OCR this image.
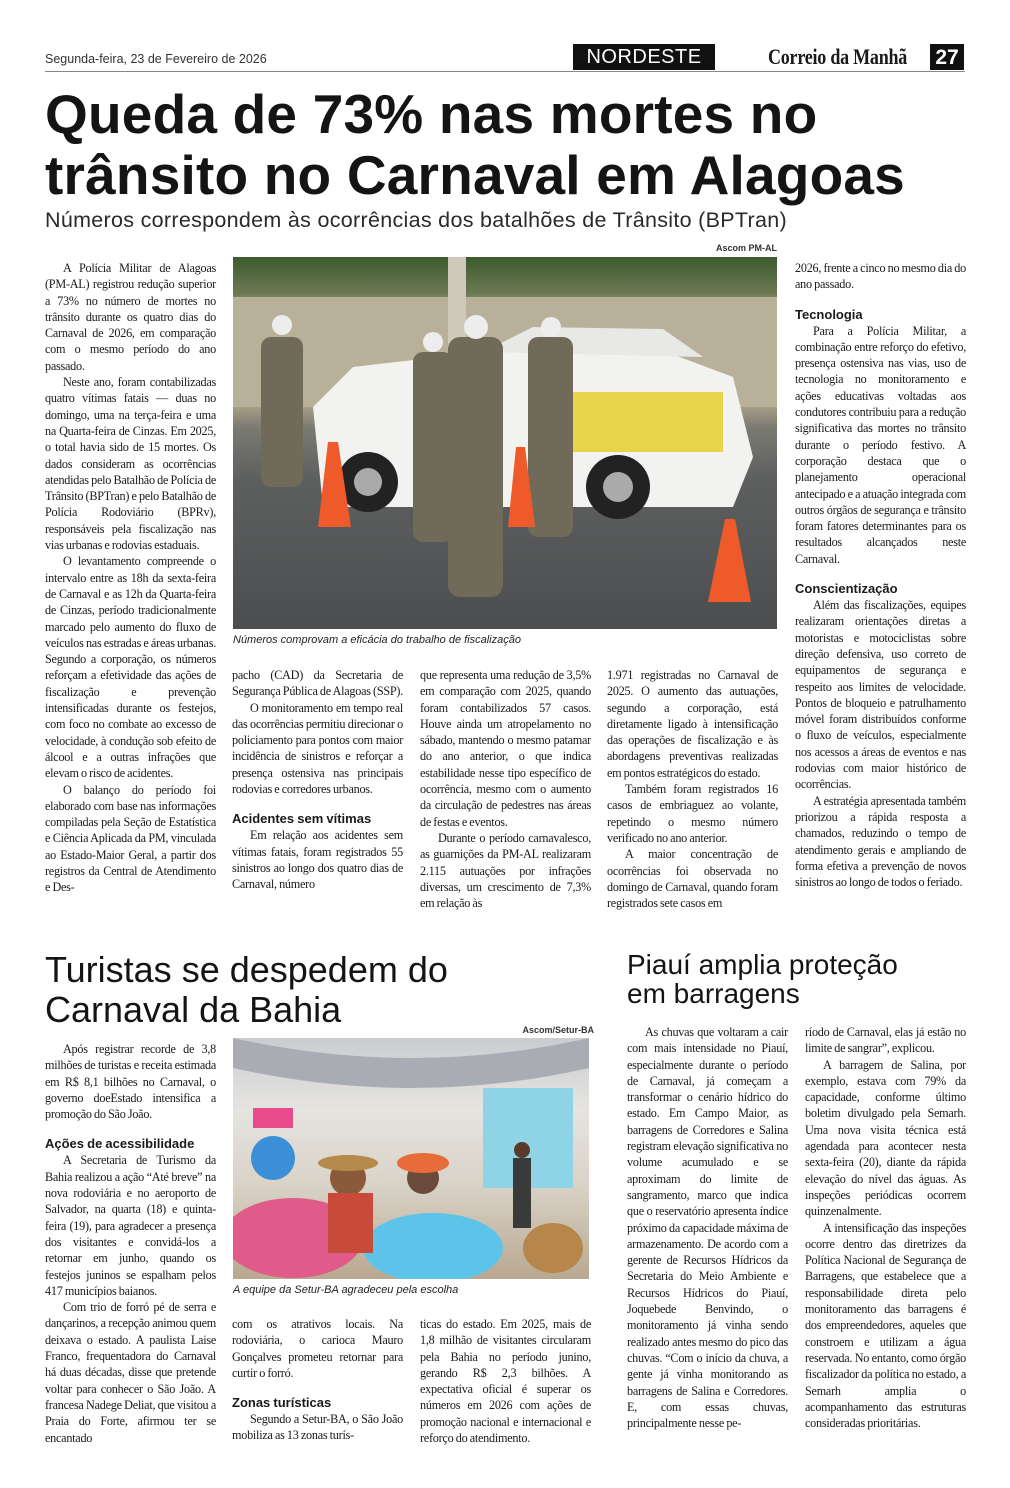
Segunda-feira, 23 de Fevereiro de 2026	NORDESTE	Correio da Manhã 27
Queda de 73% nas mortes no
trânsito no Carnaval em Alagoas
Números correspondem às ocorrências dos batalhões de Trânsito (BPTran)
Ascom PM-AL
Números comprovam a eficácia do trabalho de fiscalização

A Polícia Militar de Alagoas (PM-AL) registrou redução superior a 73% no número de mortes no trânsito durante os quatro dias do Carnaval de 2026, em comparação com o mesmo período do ano passado.

Neste ano, foram contabilizadas quatro vítimas fatais — duas no domingo, uma na terça-feira e uma na Quarta-feira de Cinzas. Em 2025, o total havia sido de 15 mortes. Os dados consideram as ocorrências atendidas pelo Batalhão de Polícia de Trânsito (BPTran) e pelo Batalhão de Polícia Rodoviário (BPRv), responsáveis pela fiscalização nas vias urbanas e rodovias estaduais.

O levantamento compreende o intervalo entre as 18h da sexta-feira de Carnaval e as 12h da Quarta-feira de Cinzas, período tradicionalmente marcado pelo aumento do fluxo de veículos nas estradas e áreas urbanas. Segundo a corporação, os números reforçam a efetividade das ações de fiscalização e prevenção intensificadas durante os festejos, com foco no combate ao excesso de velocidade, à condução sob efeito de álcool e a outras infrações que elevam o risco de acidentes.

O balanço do período foi elaborado com base nas informações compiladas pela Seção de Estatística e Ciência Aplicada da PM, vinculada ao Estado-Maior Geral, a partir dos registros da Central de Atendimento e Des-

pacho (CAD) da Secretaria de Segurança Pública de Alagoas (SSP).

O monitoramento em tempo real das ocorrências permitiu direcionar o policiamento para pontos com maior incidência de sinistros e reforçar a presença ostensiva nas principais rodovias e corredores urbanos.

Acidentes sem vítimas

Em relação aos acidentes sem vítimas fatais, foram registrados 55 sinistros ao longo dos quatro dias de Carnaval, número

que representa uma redução de 3,5% em comparação com 2025, quando foram contabilizados 57 casos. Houve ainda um atropelamento no sábado, mantendo o mesmo patamar do ano anterior, o que indica estabilidade nesse tipo específico de ocorrência, mesmo com o aumento da circulação de pedestres nas áreas de festas e eventos.

Durante o período carnavalesco, as guarnições da PM-AL realizaram 2.115 autuações por infrações diversas, um crescimento de 7,3% em relação às

1.971 registradas no Carnaval de 2025. O aumento das autuações, segundo a corporação, está diretamente ligado à intensificação das operações de fiscalização e às abordagens preventivas realizadas em pontos estratégicos do estado.

Também foram registrados 16 casos de embriaguez ao volante, repetindo o mesmo número verificado no ano anterior.

A maior concentração de ocorrências foi observada no domingo de Carnaval, quando foram registrados sete casos em

2026, frente a cinco no mesmo dia do ano passado.

Tecnologia

Para a Polícia Militar, a combinação entre reforço do efetivo, presença ostensiva nas vias, uso de tecnologia no monitoramento e ações educativas voltadas aos condutores contribuiu para a redução significativa das mortes no trânsito durante o período festivo. A corporação destaca que o planejamento operacional antecipado e a atuação integrada com outros órgãos de segurança e trânsito foram fatores determinantes para os resultados alcançados neste Carnaval.

Conscientização

Além das fiscalizações, equipes realizaram orientações diretas a motoristas e motociclistas sobre direção defensiva, uso correto de equipamentos de segurança e respeito aos limites de velocidade. Pontos de bloqueio e patrulhamento móvel foram distribuídos conforme o fluxo de veículos, especialmente nos acessos a áreas de eventos e nas rodovias com maior histórico de ocorrências.

A estratégia apresentada também priorizou a rápida resposta a chamados, reduzindo o tempo de atendimento gerais e ampliando de forma efetiva a prevenção de novos sinistros ao longo de todos o feriado.

Turistas se despedem do
Carnaval da Bahia	Ascom/Setur-BA
A equipe da Setur-BA agradeceu pela escolha

Após registrar recorde de 3,8 milhões de turistas e receita estimada em R$ 8,1 bilhões no Carnaval, o governo doeEstado intensifica a promoção do São João.

Ações de acessibilidade

A Secretaria de Turismo da Bahia realizou a ação “Até breve” na nova rodoviária e no aeroporto de Salvador, na quarta (18) e quinta-feira (19), para agradecer a presença dos visitantes e convidá-los a retornar em junho, quando os festejos juninos se espalham pelos 417 municípios baianos.

Com trio de forró pé de serra e dançarinos, a recepção animou quem deixava o estado. A paulista Laise Franco, frequentadora do Carnaval há duas décadas, disse que pretende voltar para conhecer o São João. A francesa Nadege Deliat, que visitou a Praia do Forte, afirmou ter se encantado

com os atrativos locais. Na rodoviária, o carioca Mauro Gonçalves prometeu retornar para curtir o forró.

Zonas turísticas

Segundo a Setur-BA, o São João mobiliza as 13 zonas turís-

ticas do estado. Em 2025, mais de 1,8 milhão de visitantes circularam pela Bahia no período junino, gerando R$ 2,3 bilhões. A expectativa oficial é superar os números em 2026 com ações de promoção nacional e internacional e reforço do atendimento.

Piauí amplia proteção
em barragens

As chuvas que voltaram a cair com mais intensidade no Piauí, especialmente durante o período de Carnaval, já começam a transformar o cenário hídrico do estado. Em Campo Maior, as barragens de Corredores e Salina registram elevação significativa no volume acumulado e se aproximam do limite de sangramento, marco que indica que o reservatório apresenta índice próximo da capacidade máxima de armazenamento. De acordo com a gerente de Recursos Hídricos da Secretaria do Meio Ambiente e Recursos Hídricos do Piauí, Joquebede Benvindo, o monitoramento já vinha sendo realizado antes mesmo do pico das chuvas. “Com o início da chuva, a gente já vinha monitorando as barragens de Salina e Corredores. E, com essas chuvas, principalmente nesse pe-

ríodo de Carnaval, elas já estão no limite de sangrar”, explicou.

A barragem de Salina, por exemplo, estava com 79% da capacidade, conforme último boletim divulgado pela Semarh. Uma nova visita técnica está agendada para acontecer nesta sexta-feira (20), diante da rápida elevação do nível das águas. As inspeções periódicas ocorrem quinzenalmente.

A intensificação das inspeções ocorre dentro das diretrizes da Política Nacional de Segurança de Barragens, que estabelece que a responsabilidade direta pelo monitoramento das barragens é dos empreendedores, aqueles que constroem e utilizam a água reservada. No entanto, como órgão fiscalizador da política no estado, a Semarh amplia o acompanhamento das estruturas consideradas prioritárias.
